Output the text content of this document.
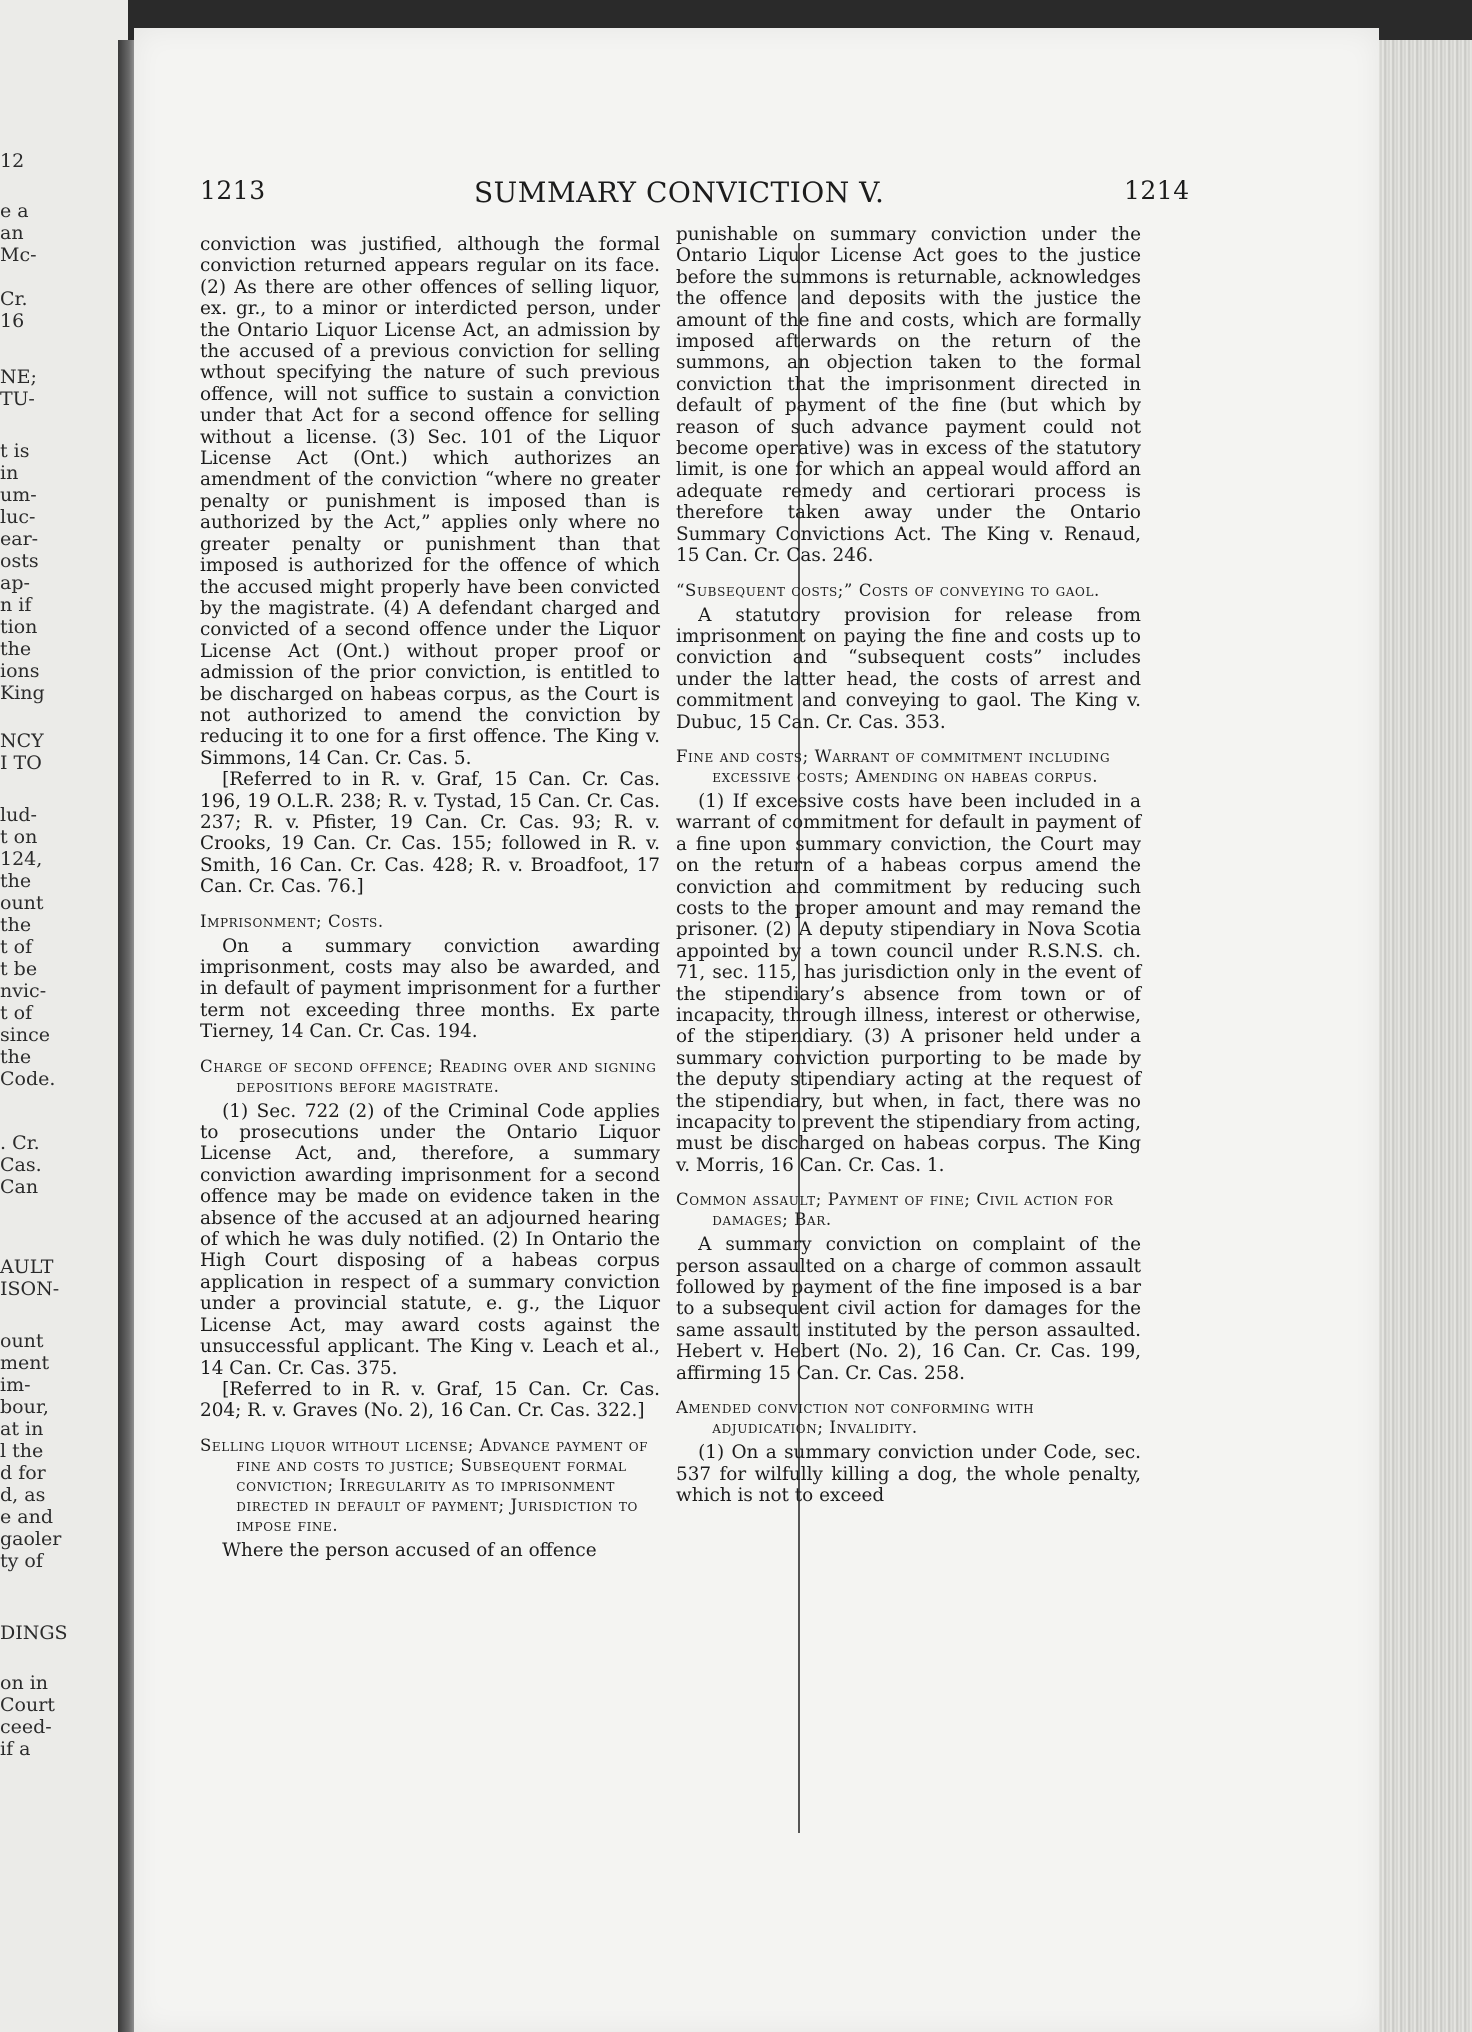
12
e a
an
Mc-
Cr.
16
NE;
TU-
t is
in
um-
luc-
ear-
osts
ap-
n if
tion
the
ions
King
NCY
I TO
lud-
t on
124,
the
ount
the
t of
t be
nvic-
t of
since
the
Code.
. Cr.
Cas.
Can
AULT
ISON-
ount
ment
im-
bour,
at in
l the
d for
d, as
e and
gaoler
ty of
DINGS
on in
Court
ceed-
if a
1213	SUMMARY CONVICTION V.	1214

conviction was justified, although the formal conviction returned appears regular on its face. (2) As there are other offences of selling liquor, ex. gr., to a minor or interdicted person, under the Ontario Liquor License Act, an admission by the accused of a previous conviction for selling wthout specifying the nature of such previous offence, will not suffice to sustain a conviction under that Act for a second offence for selling without a license. (3) Sec. 101 of the Liquor License Act (Ont.) which authorizes an amendment of the conviction “where no greater penalty or punishment is imposed than is authorized by the Act,” applies only where no greater penalty or punishment than that imposed is authorized for the offence of which the accused might properly have been convicted by the magistrate. (4) A defendant charged and convicted of a second offence under the Liquor License Act (Ont.) without proper proof or admission of the prior conviction, is entitled to be discharged on habeas corpus, as the Court is not authorized to amend the conviction by reducing it to one for a first offence. The King v. Simmons, 14 Can. Cr. Cas. 5.

[Referred to in R. v. Graf, 15 Can. Cr. Cas. 196, 19 O.L.R. 238; R. v. Tystad, 15 Can. Cr. Cas. 237; R. v. Pfister, 19 Can. Cr. Cas. 93; R. v. Crooks, 19 Can. Cr. Cas. 155; followed in R. v. Smith, 16 Can. Cr. Cas. 428; R. v. Broadfoot, 17 Can. Cr. Cas. 76.]

Imprisonment; Costs.

On a summary conviction awarding imprisonment, costs may also be awarded, and in default of payment imprisonment for a further term not exceeding three months. Ex parte Tierney, 14 Can. Cr. Cas. 194.

Charge of second offence; Reading over and signing depositions before magistrate.

(1) Sec. 722 (2) of the Criminal Code applies to prosecutions under the Ontario Liquor License Act, and, therefore, a summary conviction awarding imprisonment for a second offence may be made on evidence taken in the absence of the accused at an adjourned hearing of which he was duly notified. (2) In Ontario the High Court disposing of a habeas corpus application in respect of a summary conviction under a provincial statute, e. g., the Liquor License Act, may award costs against the unsuccessful applicant. The King v. Leach et al., 14 Can. Cr. Cas. 375.

[Referred to in R. v. Graf, 15 Can. Cr. Cas. 204; R. v. Graves (No. 2), 16 Can. Cr. Cas. 322.]

Selling liquor without license; Advance payment of fine and costs to justice; Subsequent formal conviction; Irregularity as to imprisonment directed in default of payment; Jurisdiction to impose fine.

Where the person accused of an offence

punishable on summary conviction under the Ontario Liquor License Act goes to the justice before the summons is returnable, acknowledges the offence and deposits with the justice the amount of the fine and costs, which are formally imposed afterwards on the return of the summons, an objection taken to the formal conviction that the imprisonment directed in default of payment of the fine (but which by reason of such advance payment could not become operative) was in excess of the statutory limit, is one for which an appeal would afford an adequate remedy and certiorari process is therefore taken away under the Ontario Summary Convictions Act. The King v. Renaud, 15 Can. Cr. Cas. 246.

“Subsequent costs;” Costs of conveying to gaol.

A statutory provision for release from imprisonment on paying the fine and costs up to conviction and “subsequent costs” includes under the latter head, the costs of arrest and commitment and conveying to gaol. The King v. Dubuc, 15 Can. Cr. Cas. 353.

Fine and costs; Warrant of commitment including excessive costs; Amending on habeas corpus.

(1) If excessive costs have been included in a warrant of commitment for default in payment of a fine upon summary conviction, the Court may on the return of a habeas corpus amend the conviction and commitment by reducing such costs to the proper amount and may remand the prisoner. (2) A deputy stipendiary in Nova Scotia appointed by a town council under R.S.N.S. ch. 71, sec. 115, has jurisdiction only in the event of the stipendiary’s absence from town or of incapacity, through illness, interest or otherwise, of the stipendiary. (3) A prisoner held under a summary conviction purporting to be made by the deputy stipendiary acting at the request of the stipendiary, but when, in fact, there was no incapacity to prevent the stipendiary from acting, must be discharged on habeas corpus. The King v. Morris, 16 Can. Cr. Cas. 1.

Common assault; Payment of fine; Civil action for damages; Bar.

A summary conviction on complaint of the person assaulted on a charge of common assault followed by payment of the fine imposed is a bar to a subsequent civil action for damages for the same assault instituted by the person assaulted. Hebert v. Hebert (No. 2), 16 Can. Cr. Cas. 199, affirming 15 Can. Cr. Cas. 258.

Amended conviction not conforming with adjudication; Invalidity.

(1) On a summary conviction under Code, sec. 537 for wilfully killing a dog, the whole penalty, which is not to exceed
